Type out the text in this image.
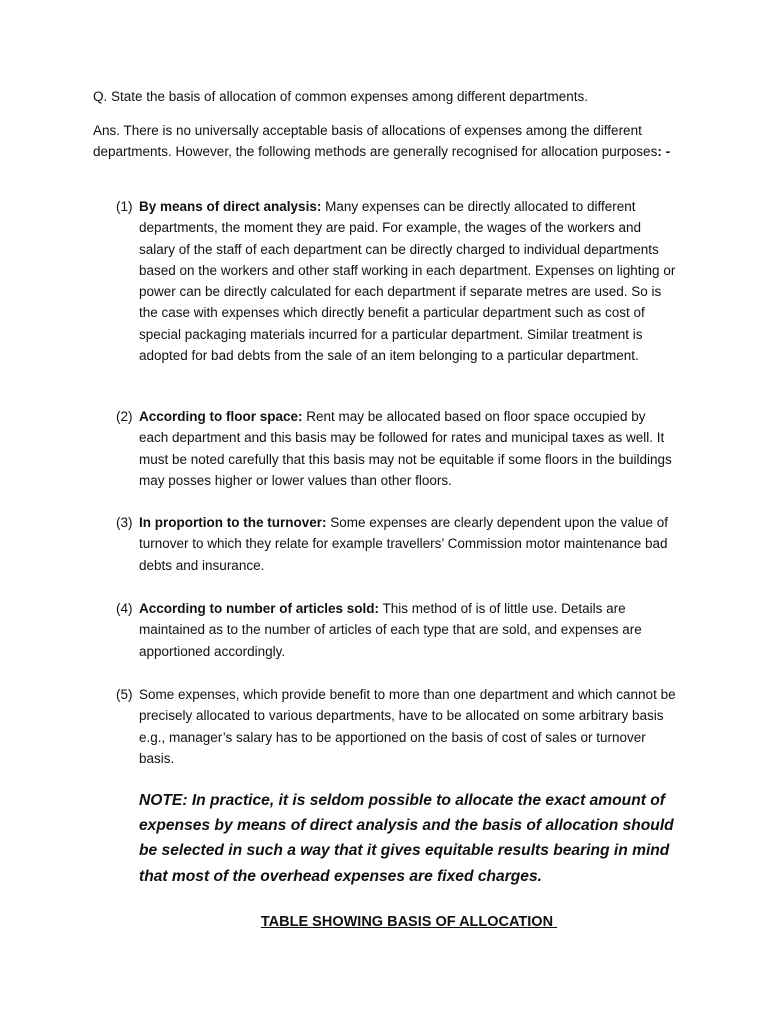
Q. State the basis of allocation of common expenses among different departments.

Ans. There is no universally acceptable basis of allocations of expenses among the different departments. However, the following methods are generally recognised for allocation purposes: -

(1) By means of direct analysis: Many expenses can be directly allocated to different departments, the moment they are paid. For example, the wages of the workers and salary of the staff of each department can be directly charged to individual departments based on the workers and other staff working in each department. Expenses on lighting or power can be directly calculated for each department if separate metres are used. So is the case with expenses which directly benefit a particular department such as cost of special packaging materials incurred for a particular department. Similar treatment is adopted for bad debts from the sale of an item belonging to a particular department.
(2) According to floor space: Rent may be allocated based on floor space occupied by each department and this basis may be followed for rates and municipal taxes as well. It must be noted carefully that this basis may not be equitable if some floors in the buildings may posses higher or lower values than other floors.
(3) In proportion to the turnover: Some expenses are clearly dependent upon the value of turnover to which they relate for example travellers’ Commission motor maintenance bad debts and insurance.
(4) According to number of articles sold: This method of is of little use. Details are maintained as to the number of articles of each type that are sold, and expenses are apportioned accordingly.
(5) Some expenses, which provide benefit to more than one department and which cannot be precisely allocated to various departments, have to be allocated on some arbitrary basis e.g., manager’s salary has to be apportioned on the basis of cost of sales or turnover basis.

NOTE: In practice, it is seldom possible to allocate the exact amount of expenses by means of direct analysis and the basis of allocation should be selected in such a way that it gives equitable results bearing in mind that most of the overhead expenses are fixed charges.

TABLE SHOWING BASIS OF ALLOCATION
